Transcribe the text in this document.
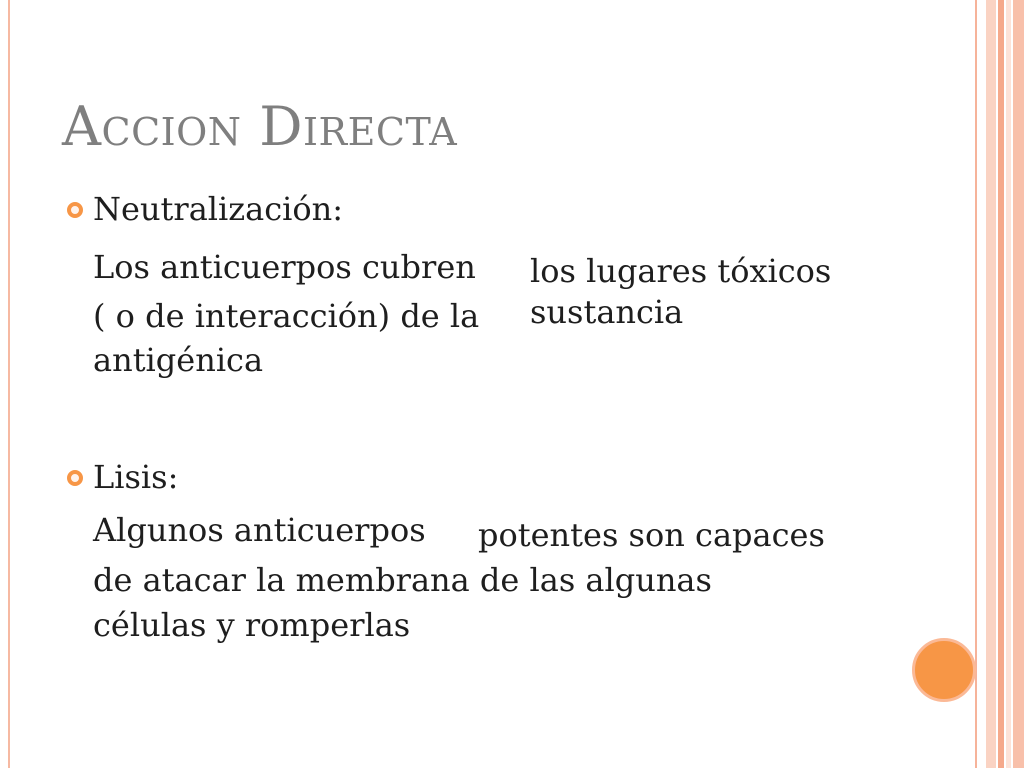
Accion Directa
Neutralización:
Los anticuerpos cubren los lugares tóxicos
( o de interacción) de la sustancia
antigénica
Lisis:
Algunos anticuerpos potentes son capaces
de atacar la membrana de las algunas
células y romperlas
